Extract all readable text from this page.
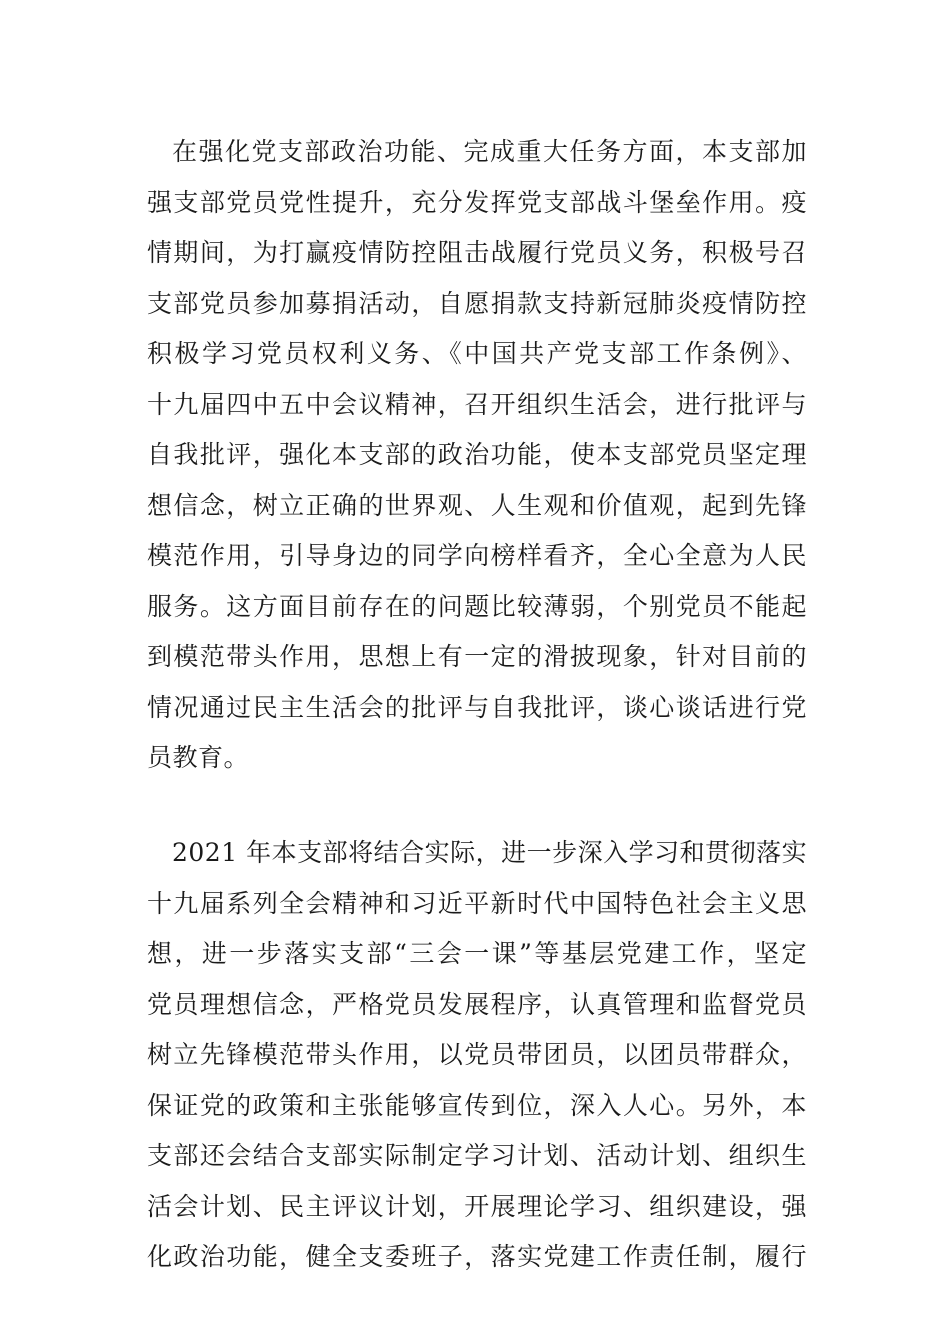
在强化党支部政治功能、完成重大任务方面，本支部加
强支部党员党性提升，充分发挥党支部战斗堡垒作用。疫
情期间，为打赢疫情防控阻击战履行党员义务，积极号召
支部党员参加募捐活动，自愿捐款支持新冠肺炎疫情防控
积极学习党员权利义务、《中国共产党支部工作条例》、
十九届四中五中会议精神，召开组织生活会，进行批评与
自我批评，强化本支部的政治功能，使本支部党员坚定理
想信念，树立正确的世界观、人生观和价值观，起到先锋
模范作用，引导身边的同学向榜样看齐，全心全意为人民
服务。这方面目前存在的问题比较薄弱，个别党员不能起
到模范带头作用，思想上有一定的滑披现象，针对目前的
情况通过民主生活会的批评与自我批评，谈心谈话进行党
员教育。
2021 年本支部将结合实际，进一步深入学习和贯彻落实
十九届系列全会精神和习近平新时代中国特色社会主义思
想，进一步落实支部“三会一课”等基层党建工作，坚定
党员理想信念，严格党员发展程序，认真管理和监督党员
树立先锋模范带头作用，以党员带团员，以团员带群众，
保证党的政策和主张能够宣传到位，深入人心。另外，本
支部还会结合支部实际制定学习计划、活动计划、组织生
活会计划、民主评议计划，开展理论学习、组织建设，强
化政治功能，健全支委班子，落实党建工作责任制，履行
